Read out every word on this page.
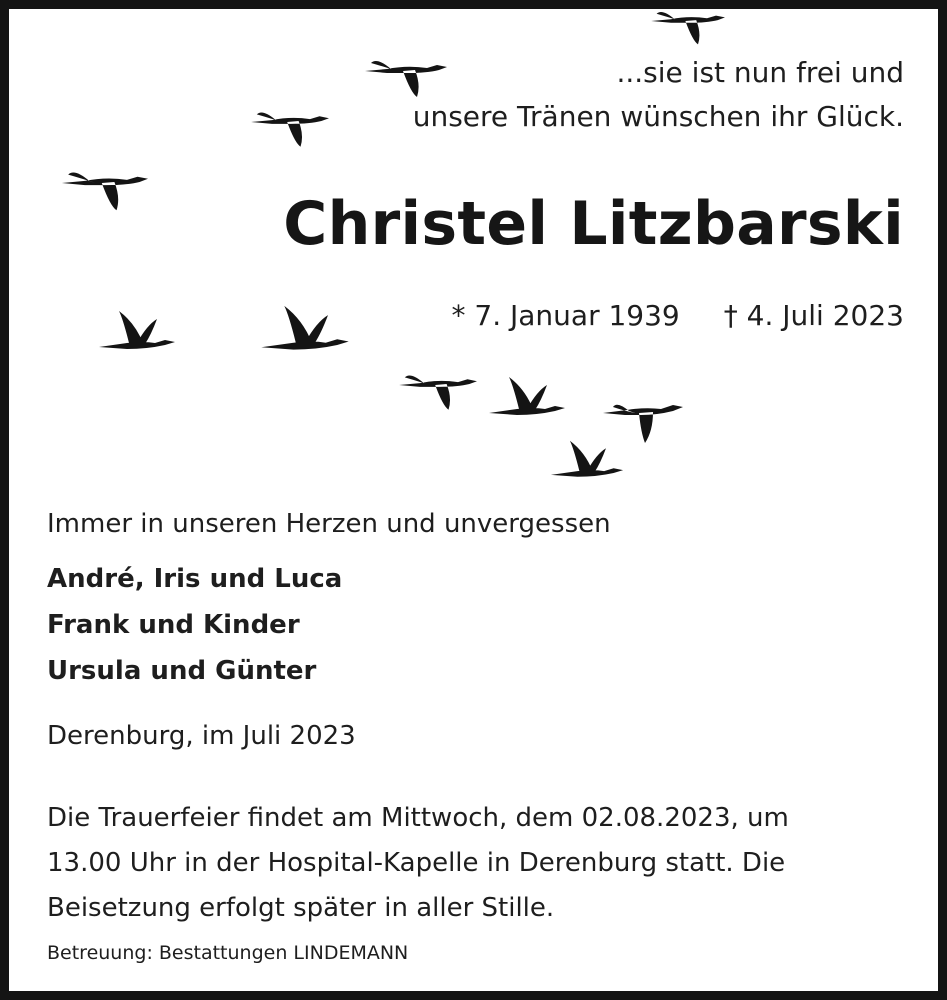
...sie ist nun frei und
unsere Tränen wünschen ihr Glück.
Christel Litzbarski
* 7. Januar 1939 † 4. Juli 2023
Immer in unseren Herzen und unvergessen
André, Iris und Luca
Frank und Kinder
Ursula und Günter
Derenburg, im Juli 2023
Die Trauerfeier findet am Mittwoch, dem 02.08.2023, um
13.00 Uhr in der Hospital-Kapelle in Derenburg statt. Die
Beisetzung erfolgt später in aller Stille.
Betreuung: Bestattungen LINDEMANN
